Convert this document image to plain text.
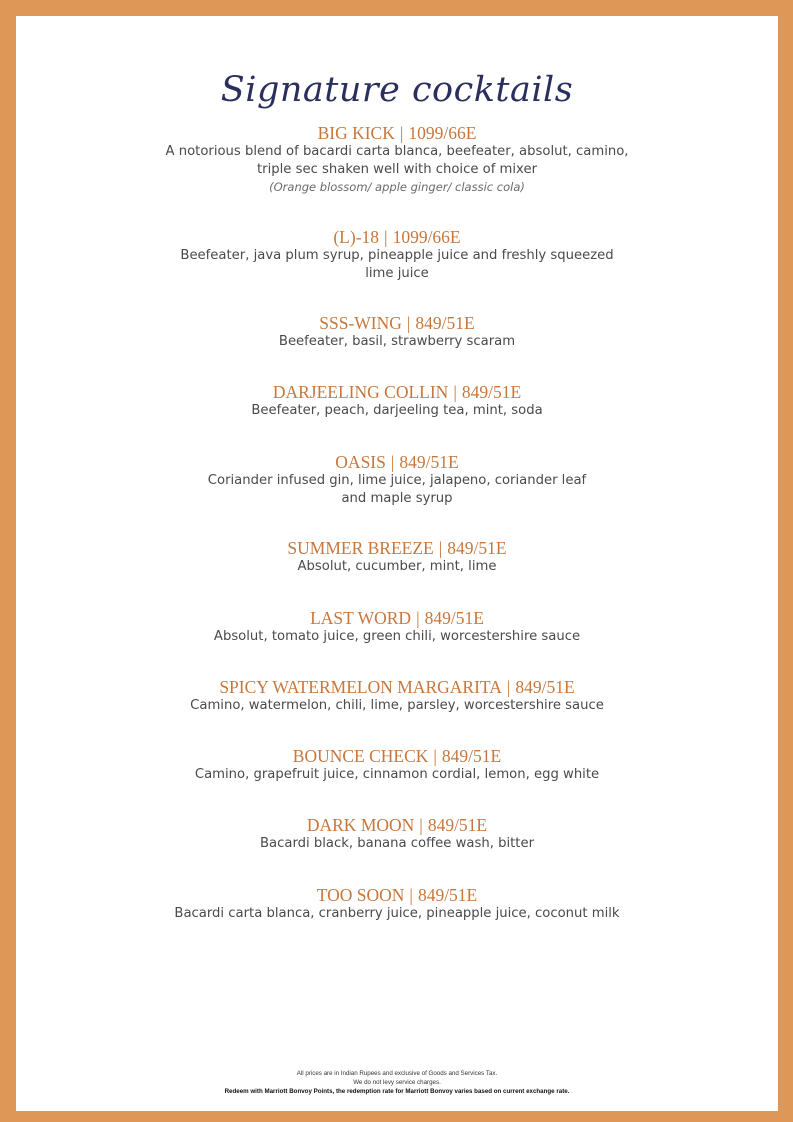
Signature cocktails
BIG KICK | 1099/66E
A notorious blend of bacardi carta blanca, beefeater, absolut, camino,
triple sec shaken well with choice of mixer
(Orange blossom/ apple ginger/ classic cola)
(L)-18 | 1099/66E
Beefeater, java plum syrup, pineapple juice and freshly squeezed
lime juice
SSS-WING | 849/51E
Beefeater, basil, strawberry scaram
DARJEELING COLLIN | 849/51E
Beefeater, peach, darjeeling tea, mint, soda
OASIS | 849/51E
Coriander infused gin, lime juice, jalapeno, coriander leaf
and maple syrup
SUMMER BREEZE | 849/51E
Absolut, cucumber, mint, lime
LAST WORD | 849/51E
Absolut, tomato juice, green chili, worcestershire sauce
SPICY WATERMELON MARGARITA | 849/51E
Camino, watermelon, chili, lime, parsley, worcestershire sauce
BOUNCE CHECK | 849/51E
Camino, grapefruit juice, cinnamon cordial, lemon, egg white
DARK MOON | 849/51E
Bacardi black, banana coffee wash, bitter
TOO SOON | 849/51E
Bacardi carta blanca, cranberry juice, pineapple juice, coconut milk
All prices are in Indian Rupees and exclusive of Goods and Services Tax.
We do not levy service charges.
Redeem with Marriott Bonvoy Points, the redemption rate for Marriott Bonvoy varies based on current exchange rate.
